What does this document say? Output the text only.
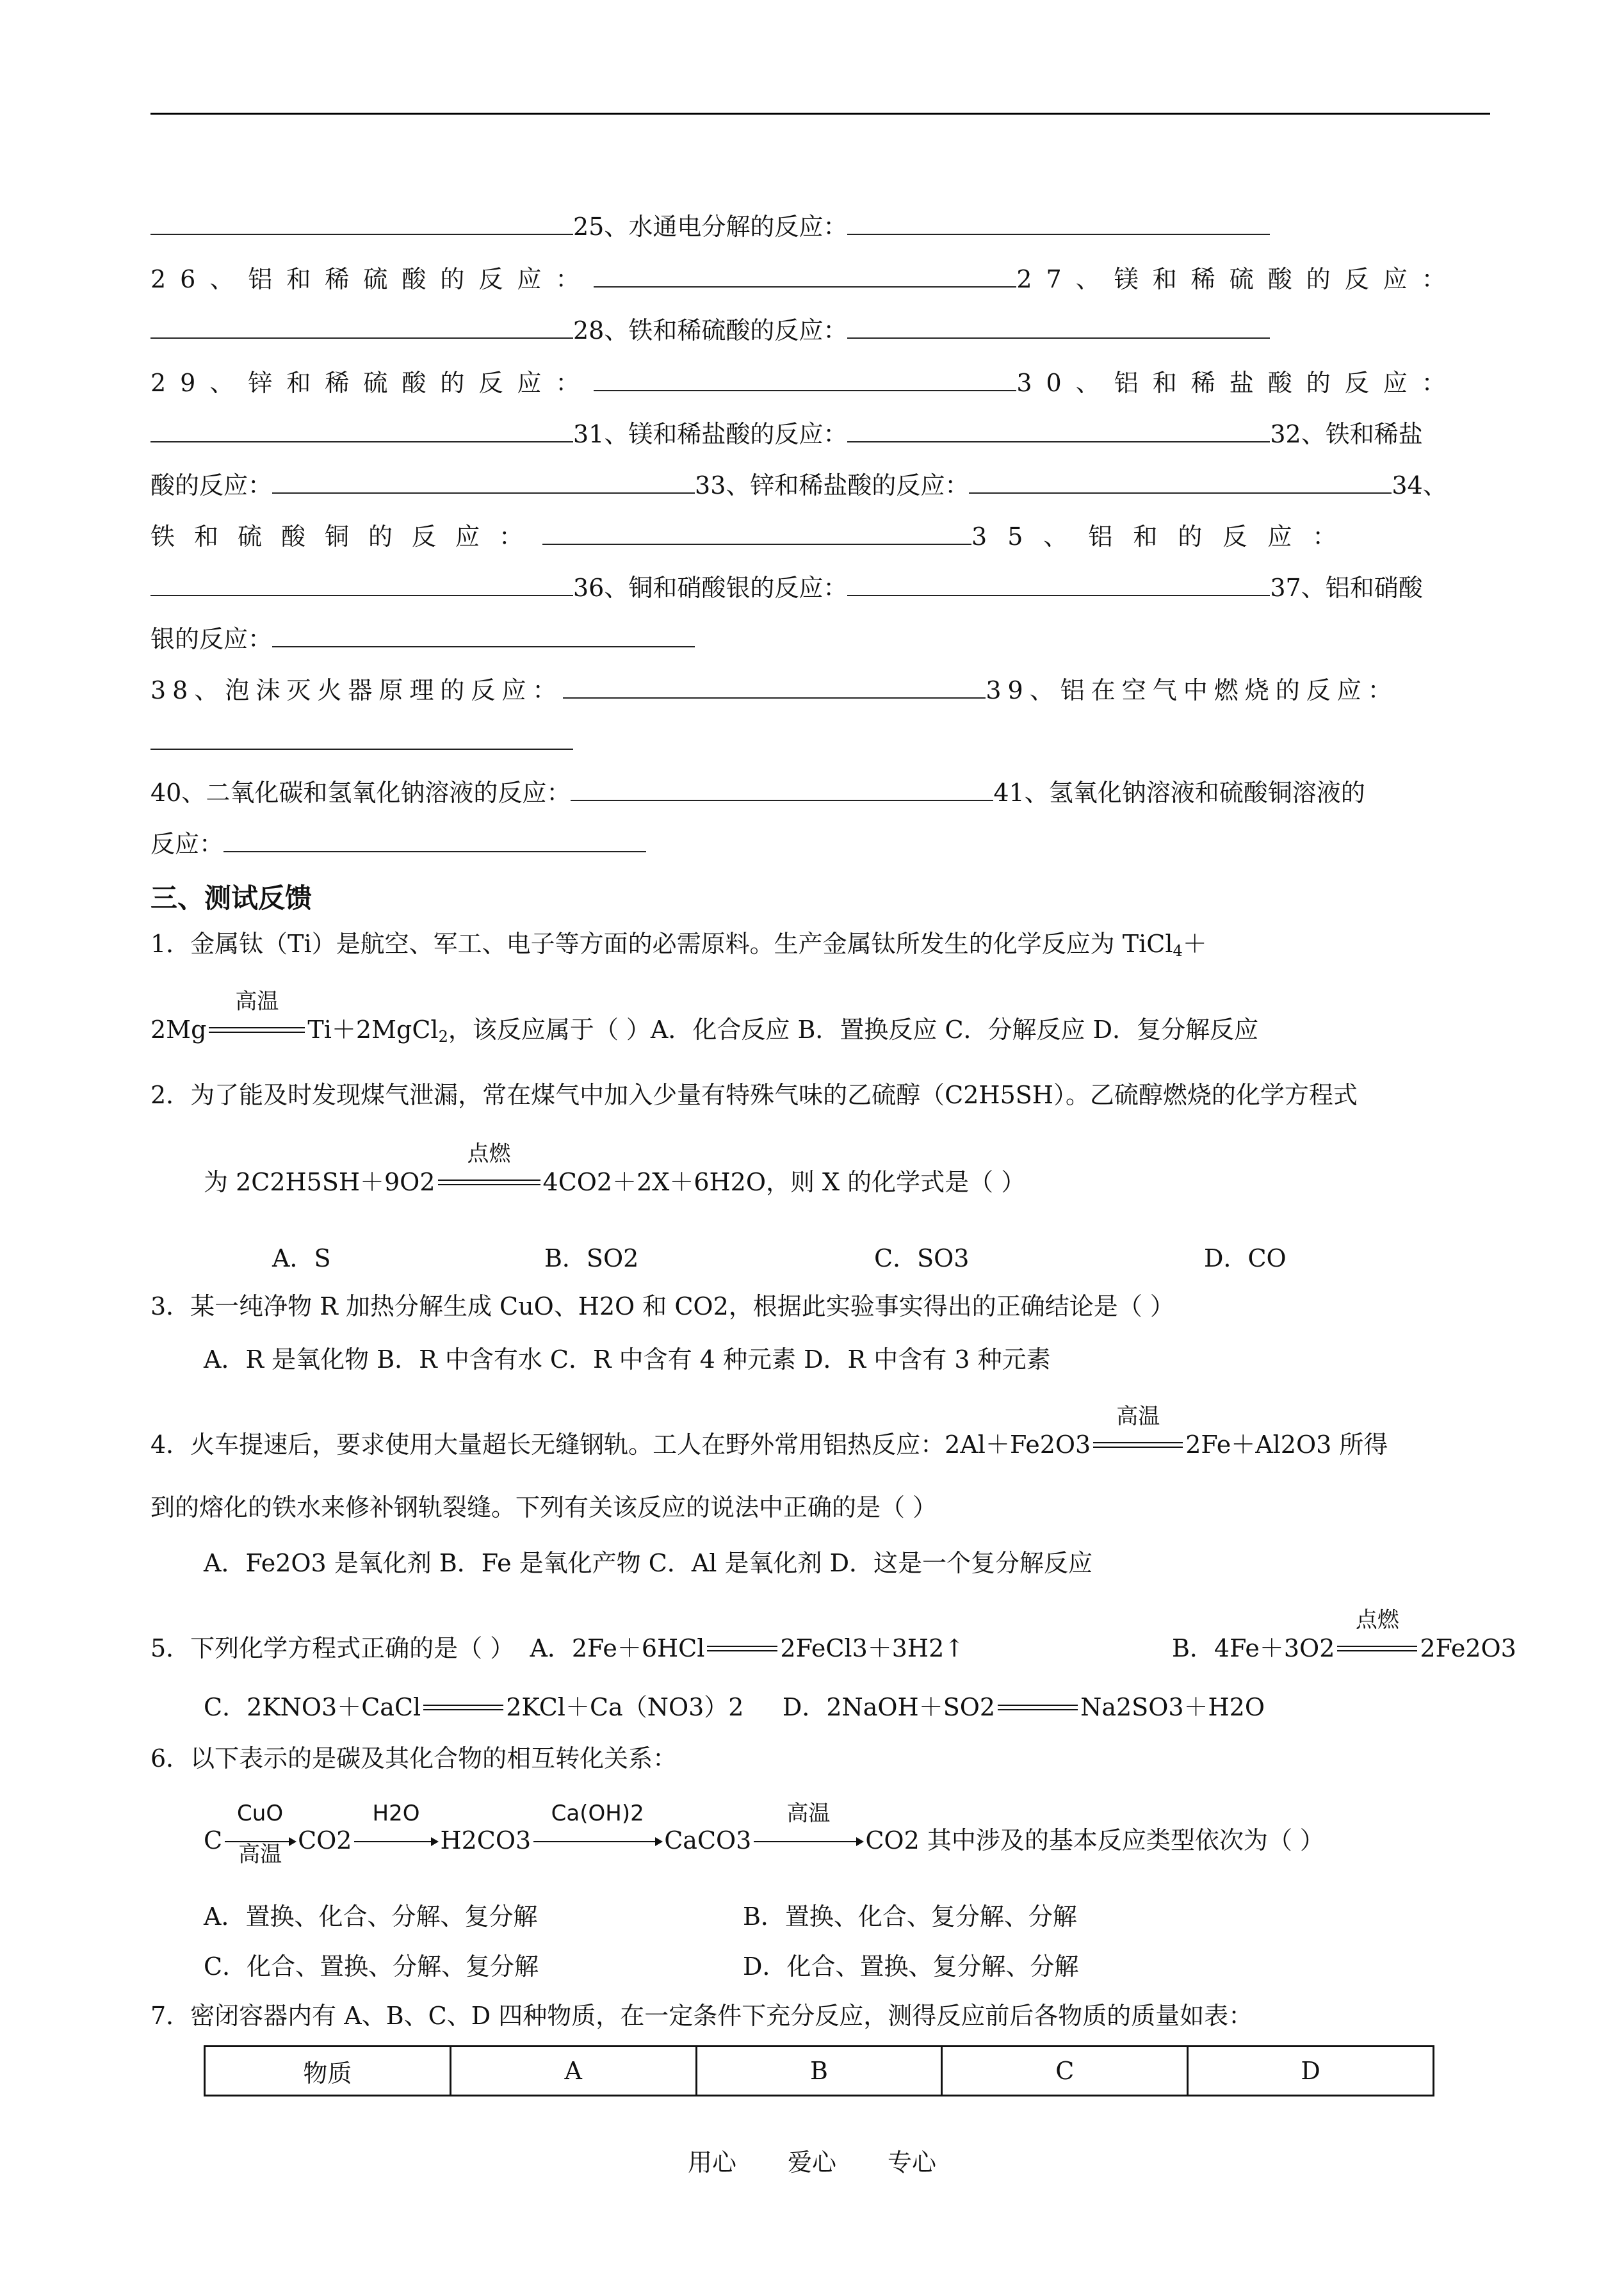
25、水通电分解的反应：
26、铝和稀硫酸的反应：	27、镁和稀硫酸的反应：
28、铁和稀硫酸的反应：
29、锌和稀硫酸的反应：	30、铝和稀盐酸的反应：
31、镁和稀盐酸的反应：	32、铁和稀盐
酸的反应：	33、锌和稀盐酸的反应：	34、
铁和硫酸铜的反应：	35、铝和的反应：
36、铜和硝酸银的反应：	37、铝和硝酸
银的反应：
38、泡沫灭火器原理的反应：	39、铝在空气中燃烧的反应：
40、二氧化碳和氢氧化钠溶液的反应：	41、氢氧化钠溶液和硫酸铜溶液的
反应：
三、测试反馈
1．金属钛（Ti）是航空、军工、电子等方面的必需原料。生产金属钛所发生的化学反应为 TiCl$_4$＋
2Mg
高温
Ti＋2MgCl$_2$，该反应属于（ ）A．化合反应 B．置换反应 C．分解反应 D．复分解反应
2．为了能及时发现煤气泄漏，常在煤气中加入少量有特殊气味的乙硫醇（C2H5SH）。乙硫醇燃烧的化学方程式
为 2C2H5SH＋9O2
点燃
4CO2＋2X＋6H2O，则 X 的化学式是（ ）
A．S	B．SO2	C．SO3	D．CO
3．某一纯净物 R 加热分解生成 CuO、H2O 和 CO2，根据此实验事实得出的正确结论是（ ）
A．R 是氧化物 B．R 中含有水 C．R 中含有 4 种元素 D．R 中含有 3 种元素
4．火车提速后，要求使用大量超长无缝钢轨。工人在野外常用铝热反应：2Al＋Fe2O3
高温
2Fe＋Al2O3 所得
到的熔化的铁水来修补钢轨裂缝。下列有关该反应的说法中正确的是（ ）
A．Fe2O3 是氧化剂 B．Fe 是氧化产物 C．Al 是氧化剂 D．这是一个复分解反应
5．下列化学方程式正确的是（ ） A．2Fe＋6HCl	2FeCl3＋3H2↑	B．4Fe＋3O2
点燃
2Fe2O3
C．2KNO3＋CaCl	2KCl＋Ca（NO3）2 D．2NaOH＋SO2	Na2SO3＋H2O
6．以下表示的是碳及其化合物的相互转化关系：
C
CuO
高温 CO2
H2O
H2CO3
Ca(OH)2
CaCO3
高温
CO2 其中涉及的基本反应类型依次为（ ）
A．置换、化合、分解、复分解	B．置换、化合、复分解、分解
C．化合、置换、分解、复分解	D．化合、置换、复分解、分解
7．密闭容器内有 A、B、C、D 四种物质，在一定条件下充分反应，测得反应前后各物质的质量如表：
物质	A	B	C	D
用心 爱心 专心
